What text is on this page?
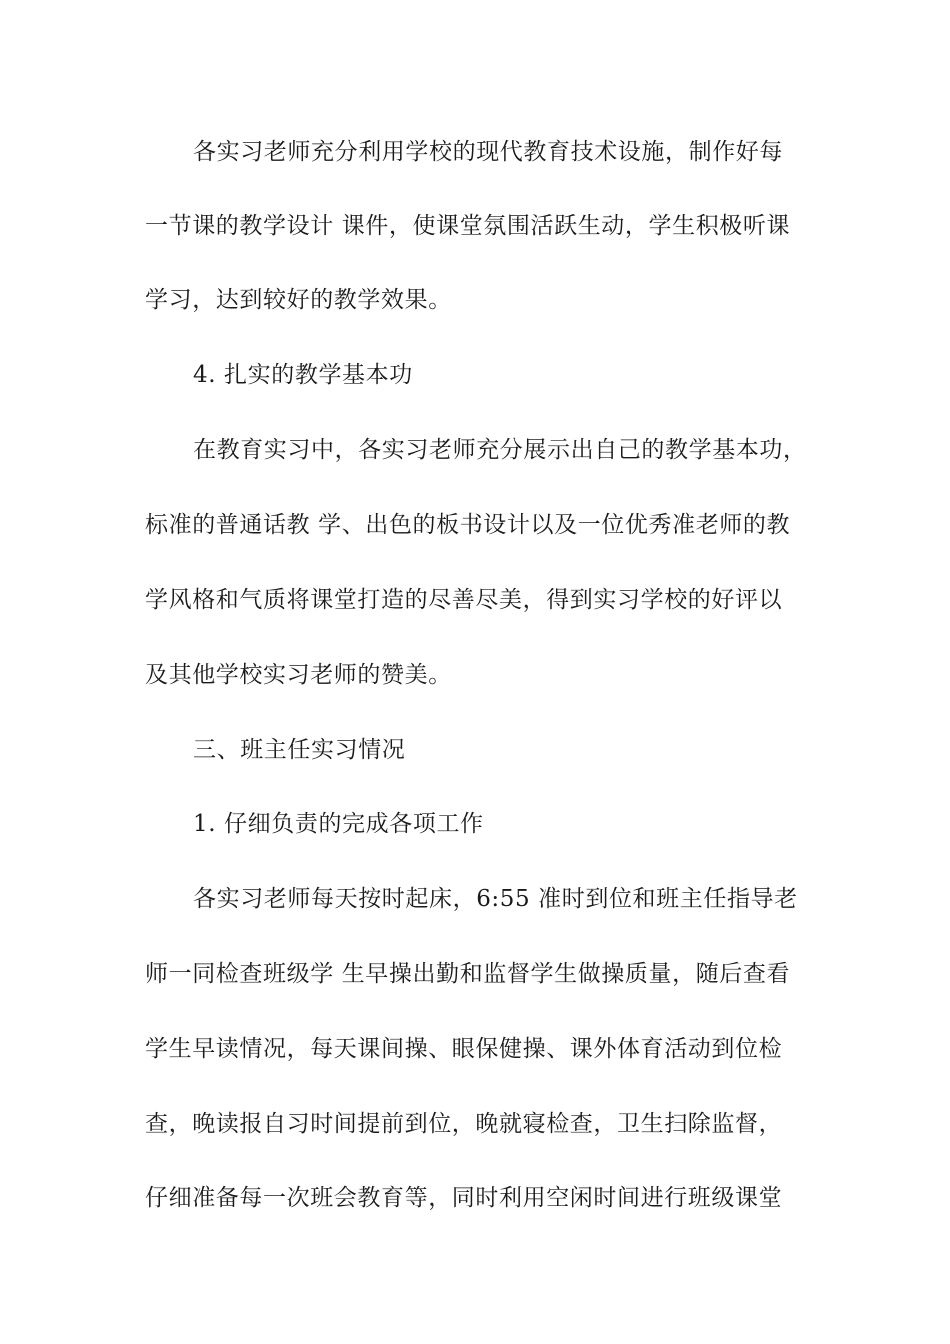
各实习老师充分利用学校的现代教育技术设施，制作好每
一节课的教学设计 课件，使课堂氛围活跃生动，学生积极听课
学习，达到较好的教学效果。
4. 扎实的教学基本功
在教育实习中，各实习老师充分展示出自己的教学基本功，
标准的普通话教 学、出色的板书设计以及一位优秀准老师的教
学风格和气质将课堂打造的尽善尽美，得到实习学校的好评以
及其他学校实习老师的赞美。
三、班主任实习情况
1. 仔细负责的完成各项工作
各实习老师每天按时起床，6:55 准时到位和班主任指导老
师一同检查班级学 生早操出勤和监督学生做操质量，随后查看
学生早读情况，每天课间操、眼保健操、课外体育活动到位检
查，晚读报自习时间提前到位，晚就寝检查，卫生扫除监督，
仔细准备每一次班会教育等，同时利用空闲时间进行班级课堂
